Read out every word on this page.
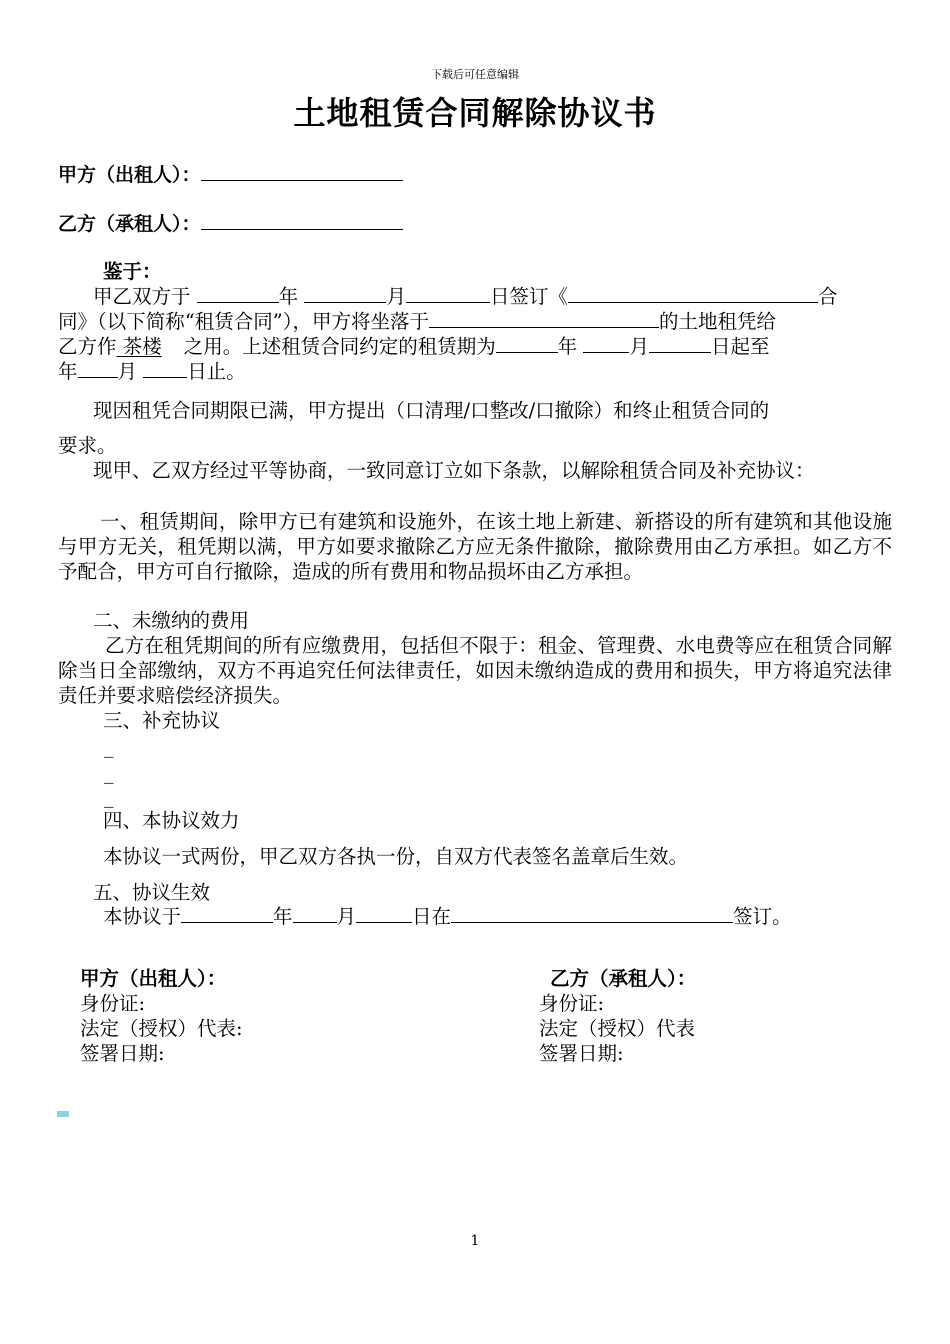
下载后可任意编辑
土地租赁合同解除协议书
甲方（出租人）：
乙方（承租人）：
鉴于：
甲乙双方于	年	月	日签订《	合
同》（以下简称“租赁合同”），甲方将坐落于	的土地租凭给
乙方作 茶楼 之用。上述租赁合同约定的租赁期为	年	月	日起至
年 月	日止。
现因租凭合同期限已满，甲方提出（口清理/口整改/口撤除）和终止租赁合同的
要求。
现甲、乙双方经过平等协商，一致同意订立如下条款，以解除租赁合同及补充协议：
一、租赁期间，除甲方已有建筑和设施外，在该土地上新建、新搭设的所有建筑和其他设施与甲方无关，租凭期以满，甲方如要求撤除乙方应无条件撤除，撤除费用由乙方承担。如乙方不予配合，甲方可自行撤除，造成的所有费用和物品损坏由乙方承担。
二、未缴纳的费用
乙方在租凭期间的所有应缴费用，包括但不限于：租金、管理费、水电费等应在租赁合同解除当日全部缴纳，双方不再追究任何法律责任，如因未缴纳造成的费用和损失，甲方将追究法律责任并要求赔偿经济损失。
三、补充协议
_
_
_
四、本协议效力
本协议一式两份，甲乙双方各执一份，自双方代表签名盖章后生效。
五、协议生效
本协议于	年 月	日在	签订。
甲方（出租人）：
身份证:
法定（授权）代表:
签署日期:
乙方（承租人）：
身份证:
法定（授权）代表
签署日期:
1
